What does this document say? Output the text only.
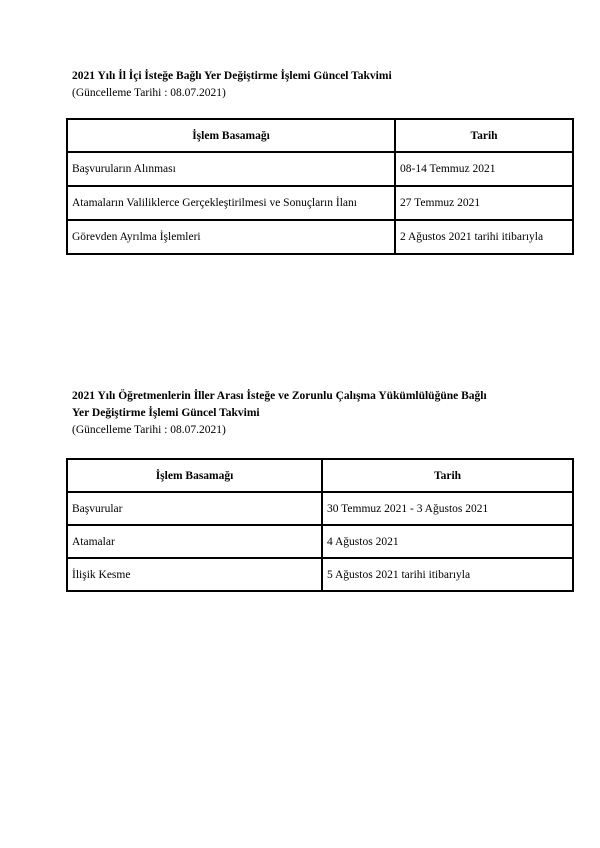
2021 Yılı İl İçi İsteğe Bağlı Yer Değiştirme İşlemi Güncel Takvimi
(Güncelleme Tarihi : 08.07.2021)
İşlem Basamağı	Tarih
Başvuruların Alınması	08-14 Temmuz 2021
Atamaların Valiliklerce Gerçekleştirilmesi ve Sonuçların İlanı	27 Temmuz 2021
Görevden Ayrılma İşlemleri	2 Ağustos 2021 tarihi itibarıyla
2021 Yılı Öğretmenlerin İller Arası İsteğe ve Zorunlu Çalışma Yükümlülüğüne Bağlı
Yer Değiştirme İşlemi Güncel Takvimi
(Güncelleme Tarihi : 08.07.2021)
İşlem Basamağı	Tarih
Başvurular	30 Temmuz 2021 - 3 Ağustos 2021
Atamalar	4 Ağustos 2021
İlişik Kesme	5 Ağustos 2021 tarihi itibarıyla
